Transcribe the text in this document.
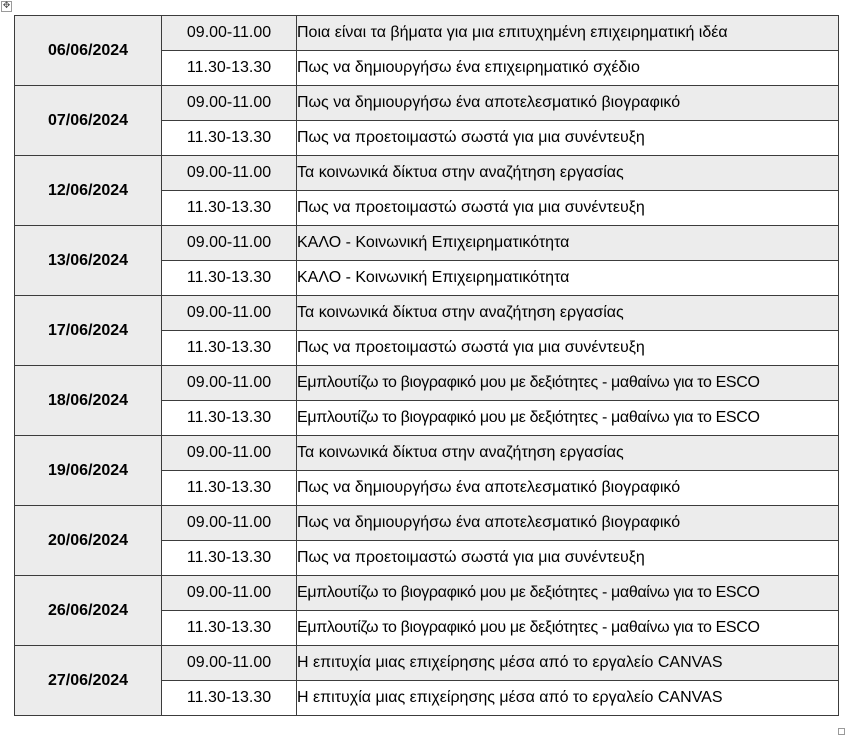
✥
06/06/2024	09.00-11.00	Ποια είναι τα βήματα για μια επιτυχημένη επιχειρηματική ιδέα
	11.30-13.30	Πως να δημιουργήσω ένα επιχειρηματικό σχέδιο
07/06/2024	09.00-11.00	Πως να δημιουργήσω ένα αποτελεσματικό βιογραφικό
	11.30-13.30	Πως να προετοιμαστώ σωστά για μια συνέντευξη
12/06/2024	09.00-11.00	Τα κοινωνικά δίκτυα στην αναζήτηση εργασίας
	11.30-13.30	Πως να προετοιμαστώ σωστά για μια συνέντευξη
13/06/2024	09.00-11.00	ΚΑΛΟ - Κοινωνική Επιχειρηματικότητα
	11.30-13.30	ΚΑΛΟ - Κοινωνική Επιχειρηματικότητα
17/06/2024	09.00-11.00	Τα κοινωνικά δίκτυα στην αναζήτηση εργασίας
	11.30-13.30	Πως να προετοιμαστώ σωστά για μια συνέντευξη
18/06/2024	09.00-11.00	Εμπλουτίζω το βιογραφικό μου με δεξιότητες - μαθαίνω για το ESCO
	11.30-13.30	Εμπλουτίζω το βιογραφικό μου με δεξιότητες - μαθαίνω για το ESCO
19/06/2024	09.00-11.00	Τα κοινωνικά δίκτυα στην αναζήτηση εργασίας
	11.30-13.30	Πως να δημιουργήσω ένα αποτελεσματικό βιογραφικό
20/06/2024	09.00-11.00	Πως να δημιουργήσω ένα αποτελεσματικό βιογραφικό
	11.30-13.30	Πως να προετοιμαστώ σωστά για μια συνέντευξη
26/06/2024	09.00-11.00	Εμπλουτίζω το βιογραφικό μου με δεξιότητες - μαθαίνω για το ESCO
	11.30-13.30	Εμπλουτίζω το βιογραφικό μου με δεξιότητες - μαθαίνω για το ESCO
27/06/2024	09.00-11.00	Η επιτυχία μιας επιχείρησης μέσα από το εργαλείο CANVAS
	11.30-13.30	Η επιτυχία μιας επιχείρησης μέσα από το εργαλείο CANVAS
